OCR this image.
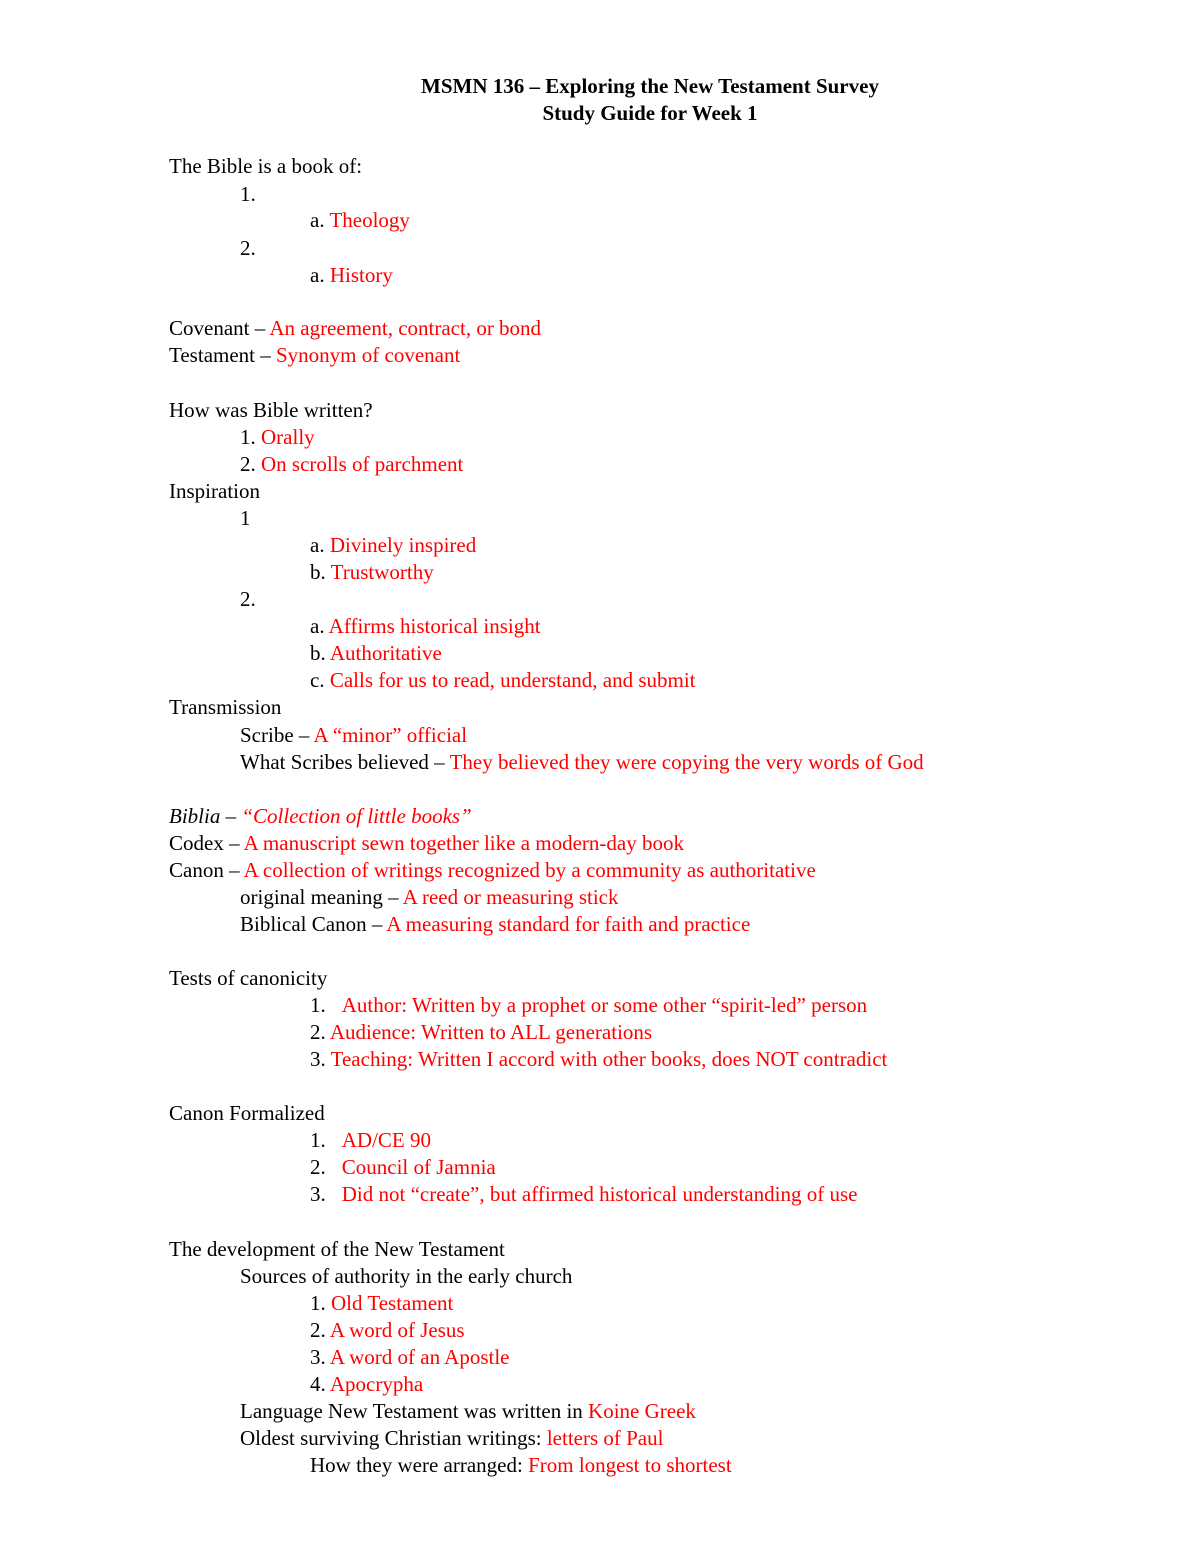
MSMN 136 – Exploring the New Testament Survey
Study Guide for Week 1
The Bible is a book of:
1.
a. Theology
2.
a. History
Covenant – An agreement, contract, or bond
Testament – Synonym of covenant
How was Bible written?
1. Orally
2. On scrolls of parchment
Inspiration
1
a. Divinely inspired
b. Trustworthy
2.
a. Affirms historical insight
b. Authoritative
c. Calls for us to read, understand, and submit
Transmission
Scribe – A “minor” official
What Scribes believed – They believed they were copying the very words of God
Biblia – “Collection of little books”
Codex – A manuscript sewn together like a modern-day book
Canon – A collection of writings recognized by a community as authoritative
original meaning – A reed or measuring stick
Biblical Canon – A measuring standard for faith and practice
Tests of canonicity
1. Author: Written by a prophet or some other “spirit-led” person
2. Audience: Written to ALL generations
3. Teaching: Written I accord with other books, does NOT contradict
Canon Formalized
1. AD/CE 90
2. Council of Jamnia
3. Did not “create”, but affirmed historical understanding of use
The development of the New Testament
Sources of authority in the early church
1. Old Testament
2. A word of Jesus
3. A word of an Apostle
4. Apocrypha
Language New Testament was written in Koine Greek
Oldest surviving Christian writings: letters of Paul
How they were arranged: From longest to shortest
